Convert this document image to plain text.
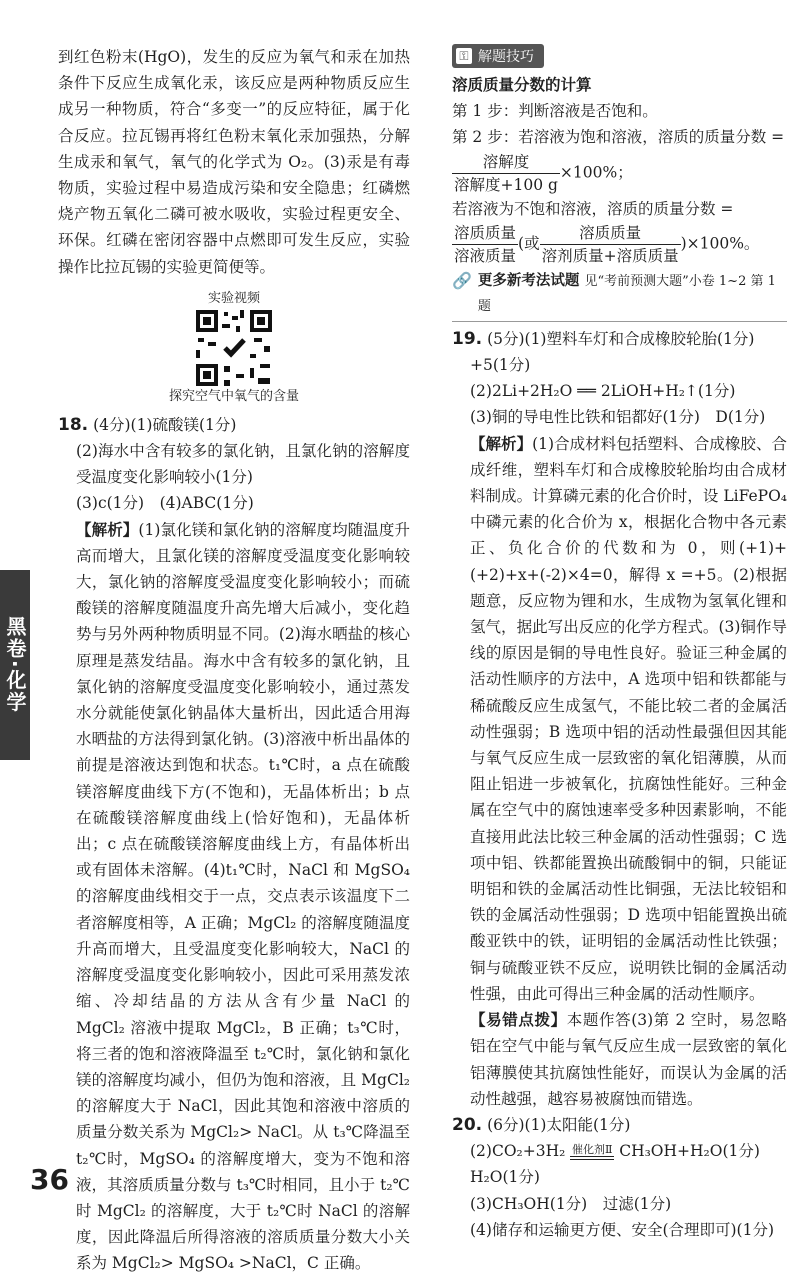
黑卷·化学
36

到红色粉末(HgO)，发生的反应为氧气和汞在加热条件下反应生成氧化汞，该反应是两种物质反应生成另一种物质，符合“多变一”的反应特征，属于化合反应。拉瓦锡再将红色粉末氧化汞加强热，分解生成汞和氧气，氧气的化学式为 O₂。(3)汞是有毒物质，实验过程中易造成污染和安全隐患；红磷燃烧产物五氧化二磷可被水吸收，实验过程更安全、环保。红磷在密闭容器中点燃即可发生反应，实验操作比拉瓦锡的实验更简便等。

实验视频
探究空气中氧气的含量

18. (4分)(1)硫酸镁(1分)

(2)海水中含有较多的氯化钠，且氯化钠的溶解度受温度变化影响较小(1分)

(3)c(1分)　(4)ABC(1分)

【解析】(1)氯化镁和氯化钠的溶解度均随温度升高而增大，且氯化镁的溶解度受温度变化影响较大，氯化钠的溶解度受温度变化影响较小；而硫酸镁的溶解度随温度升高先增大后减小，变化趋势与另外两种物质明显不同。(2)海水晒盐的核心原理是蒸发结晶。海水中含有较多的氯化钠，且氯化钠的溶解度受温度变化影响较小，通过蒸发水分就能使氯化钠晶体大量析出，因此适合用海水晒盐的方法得到氯化钠。(3)溶液中析出晶体的前提是溶液达到饱和状态。t₁℃时，a 点在硫酸镁溶解度曲线下方(不饱和)，无晶体析出；b 点在硫酸镁溶解度曲线上(恰好饱和)，无晶体析出；c 点在硫酸镁溶解度曲线上方，有晶体析出或有固体未溶解。(4)t₁℃时，NaCl 和 MgSO₄ 的溶解度曲线相交于一点，交点表示该温度下二者溶解度相等，A 正确；MgCl₂ 的溶解度随温度升高而增大，且受温度变化影响较大，NaCl 的溶解度受温度变化影响较小，因此可采用蒸发浓缩、冷却结晶的方法从含有少量 NaCl 的 MgCl₂ 溶液中提取 MgCl₂，B 正确；t₃℃时，将三者的饱和溶液降温至 t₂℃时，氯化钠和氯化镁的溶解度均减小，但仍为饱和溶液，且 MgCl₂ 的溶解度大于 NaCl，因此其饱和溶液中溶质的质量分数关系为 MgCl₂> NaCl。从 t₃℃降温至 t₂℃时，MgSO₄ 的溶解度增大，变为不饱和溶液，其溶质质量分数与 t₃℃时相同，且小于 t₂℃时 MgCl₂ 的溶解度，大于 t₂℃时 NaCl 的溶解度，因此降温后所得溶液的溶质质量分数大小关系为 MgCl₂> MgSO₄ >NaCl，C 正确。

⚿ 解题技巧

溶质质量分数的计算

第 1 步：判断溶液是否饱和。

第 2 步：若溶液为饱和溶液，溶质的质量分数 =

$\frac{\text{溶解度}}{\text{溶解度+100 g}} \times 100\%$；

若溶液为不饱和溶液，溶质的质量分数 =

$\frac{\text{溶质质量}}{\text{溶液质量}}$ (或 $\frac{\text{溶质质量}}{\text{溶剂质量+溶质质量}} )\times 100\%$。

🔗 更多新考法试题 见“考前预测大题”小卷 1~2 第 1 题

19. (5分)(1)塑料车灯和合成橡胶轮胎(1分)

+5(1分)

(2)2Li+2H₂O ══ 2LiOH+H₂↑(1分)

(3)铜的导电性比铁和铝都好(1分)　D(1分)

【解析】(1)合成材料包括塑料、合成橡胶、合成纤维，塑料车灯和合成橡胶轮胎均由合成材料制成。计算磷元素的化合价时，设 LiFePO₄ 中磷元素的化合价为 x，根据化合物中各元素正、负化合价的代数和为 0，则(+1)+(+2)+x+(-2)×4=0，解得 x =+5。(2)根据题意，反应物为锂和水，生成物为氢氧化锂和氢气，据此写出反应的化学方程式。(3)铜作导线的原因是铜的导电性良好。验证三种金属的活动性顺序的方法中，A 选项中铝和铁都能与稀硫酸反应生成氢气，不能比较二者的金属活动性强弱；B 选项中铝的活动性最强但因其能与氧气反应生成一层致密的氧化铝薄膜，从而阻止铝进一步被氧化，抗腐蚀性能好。三种金属在空气中的腐蚀速率受多种因素影响，不能直接用此法比较三种金属的活动性强弱；C 选项中铝、铁都能置换出硫酸铜中的铜，只能证明铝和铁的金属活动性比铜强，无法比较铝和铁的金属活动性强弱；D 选项中铝能置换出硫酸亚铁中的铁，证明铝的金属活动性比铁强；铜与硫酸亚铁不反应，说明铁比铜的金属活动性强，由此可得出三种金属的活动性顺序。

【易错点拨】本题作答(3)第 2 空时，易忽略铝在空气中能与氧气反应生成一层致密的氧化铝薄膜使其抗腐蚀性能好，而误认为金属的活动性越强，越容易被腐蚀而错选。

20. (6分)(1)太阳能(1分)

(2)CO₂+3H₂ 催化剂Ⅱ CH₃OH+H₂O(1分)

H₂O(1分)

(3)CH₃OH(1分)　过滤(1分)

(4)储存和运输更方便、安全(合理即可)(1分)
